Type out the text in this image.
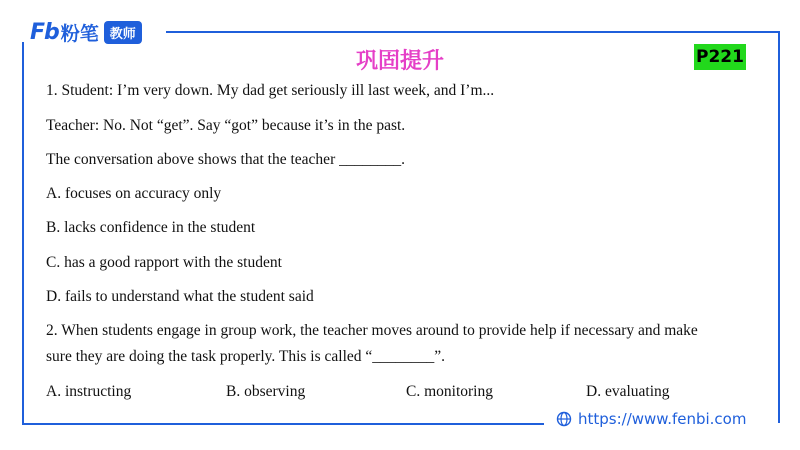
Fb 粉笔 教师
巩固提升	P221
1. Student: I’m very down. My dad get seriously ill last week, and I’m...
Teacher: No. Not “get”. Say “got” because it’s in the past.
The conversation above shows that the teacher ________.
A. focuses on accuracy only
B. lacks confidence in the student
C. has a good rapport with the student
D. fails to understand what the student said
2. When students engage in group work, the teacher moves around to provide help if necessary and make
sure they are doing the task properly. This is called “________”.
A. instructing	B. observing	C. monitoring	D. evaluating
https://www.fenbi.com
